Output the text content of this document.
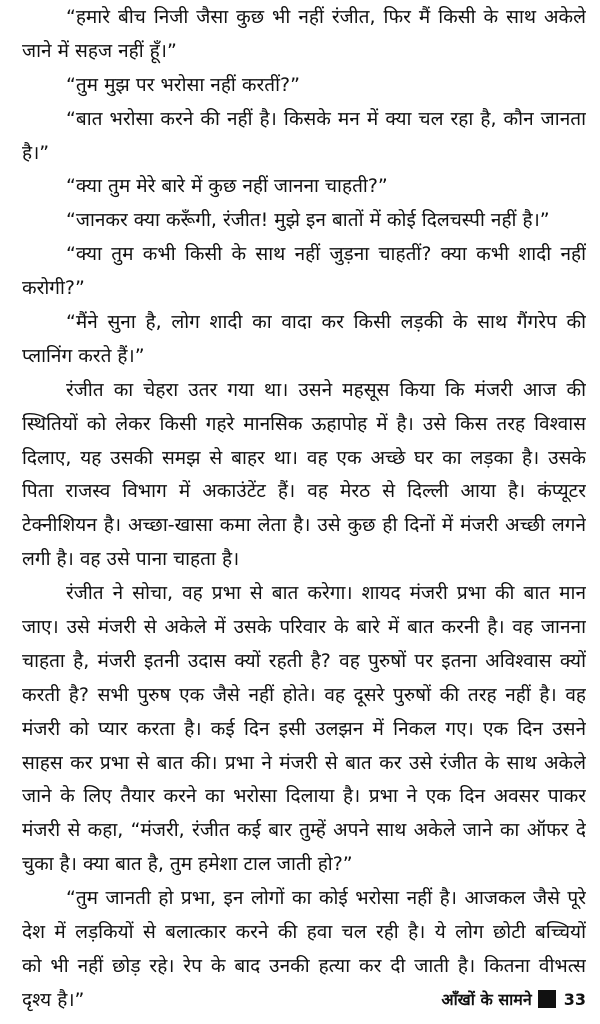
“हमारे बीच निजी जैसा कुछ भी नहीं रंजीत, फिर मैं किसी के साथ अकेले
जाने में सहज नहीं हूँ।”
“तुम मुझ पर भरोसा नहीं करतीं?”
“बात भरोसा करने की नहीं है। किसके मन में क्या चल रहा है, कौन जानता
है।”
“क्या तुम मेरे बारे में कुछ नहीं जानना चाहती?”
“जानकर क्या करूँगी, रंजीत! मुझे इन बातों में कोई दिलचस्पी नहीं है।”
“क्या तुम कभी किसी के साथ नहीं जुड़ना चाहतीं? क्या कभी शादी नहीं
करोगी?”
“मैंने सुना है, लोग शादी का वादा कर किसी लड़की के साथ गैंगरेप की
प्लानिंग करते हैं।”
रंजीत का चेहरा उतर गया था। उसने महसूस किया कि मंजरी आज की
स्थितियों को लेकर किसी गहरे मानसिक ऊहापोह में है। उसे किस तरह विश्वास
दिलाए, यह उसकी समझ से बाहर था। वह एक अच्छे घर का लड़का है। उसके
पिता राजस्व विभाग में अकाउंटेंट हैं। वह मेरठ से दिल्ली आया है। कंप्यूटर
टेक्नीशियन है। अच्छा-खासा कमा लेता है। उसे कुछ ही दिनों में मंजरी अच्छी लगने
लगी है। वह उसे पाना चाहता है।
रंजीत ने सोचा, वह प्रभा से बात करेगा। शायद मंजरी प्रभा की बात मान
जाए। उसे मंजरी से अकेले में उसके परिवार के बारे में बात करनी है। वह जानना
चाहता है, मंजरी इतनी उदास क्यों रहती है? वह पुरुषों पर इतना अविश्वास क्यों
करती है? सभी पुरुष एक जैसे नहीं होते। वह दूसरे पुरुषों की तरह नहीं है। वह
मंजरी को प्यार करता है। कई दिन इसी उलझन में निकल गए। एक दिन उसने
साहस कर प्रभा से बात की। प्रभा ने मंजरी से बात कर उसे रंजीत के साथ अकेले
जाने के लिए तैयार करने का भरोसा दिलाया है। प्रभा ने एक दिन अवसर पाकर
मंजरी से कहा, “मंजरी, रंजीत कई बार तुम्हें अपने साथ अकेले जाने का ऑफर दे
चुका है। क्या बात है, तुम हमेशा टाल जाती हो?”
“तुम जानती हो प्रभा, इन लोगों का कोई भरोसा नहीं है। आजकल जैसे पूरे
देश में लड़कियों से बलात्कार करने की हवा चल रही है। ये लोग छोटी बच्चियों
को भी नहीं छोड़ रहे। रेप के बाद उनकी हत्या कर दी जाती है। कितना वीभत्स
दृश्य है।”	आँखों के सामने 33
